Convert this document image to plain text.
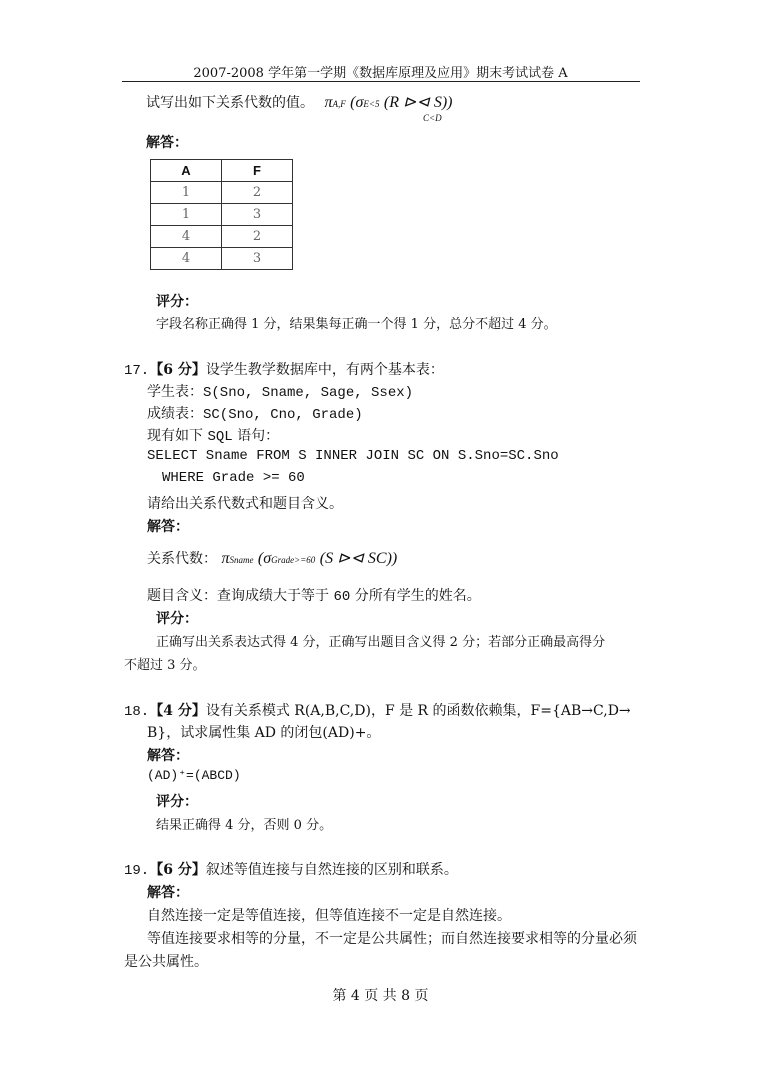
2007-2008 学年第一学期《数据库原理及应用》期末考试试卷 A
试写出如下关系代数的值。 πA,F (σE<5 (R ⊳⊲ S))
C<D
解答：
A	F
1	2
1	3
4	2
4	3
评分：
字段名称正确得 1 分，结果集每正确一个得 1 分，总分不超过 4 分。
17.【6 分】设学生教学数据库中，有两个基本表：
学生表：S(Sno, Sname, Sage, Ssex)
成绩表：SC(Sno, Cno, Grade)
现有如下 SQL 语句：
SELECT Sname FROM S INNER JOIN SC ON S.Sno=SC.Sno
WHERE Grade >= 60
请给出关系代数式和题目含义。
解答：
关系代数： πSname (σGrade>=60 (S ⊳⊲ SC))
题目含义：查询成绩大于等于 60 分所有学生的姓名。
评分：
正确写出关系表达式得 4 分，正确写出题目含义得 2 分；若部分正确最高得分
不超过 3 分。
18.【4 分】设有关系模式 R(A,B,C,D)，F 是 R 的函数依赖集，F={AB→C,D→
B}，试求属性集 AD 的闭包(AD)+。
解答：
(AD)⁺=(ABCD)
评分：
结果正确得 4 分，否则 0 分。
19.【6 分】叙述等值连接与自然连接的区别和联系。
解答：
自然连接一定是等值连接，但等值连接不一定是自然连接。
等值连接要求相等的分量，不一定是公共属性；而自然连接要求相等的分量必须
是公共属性。
第 4 页 共 8 页
